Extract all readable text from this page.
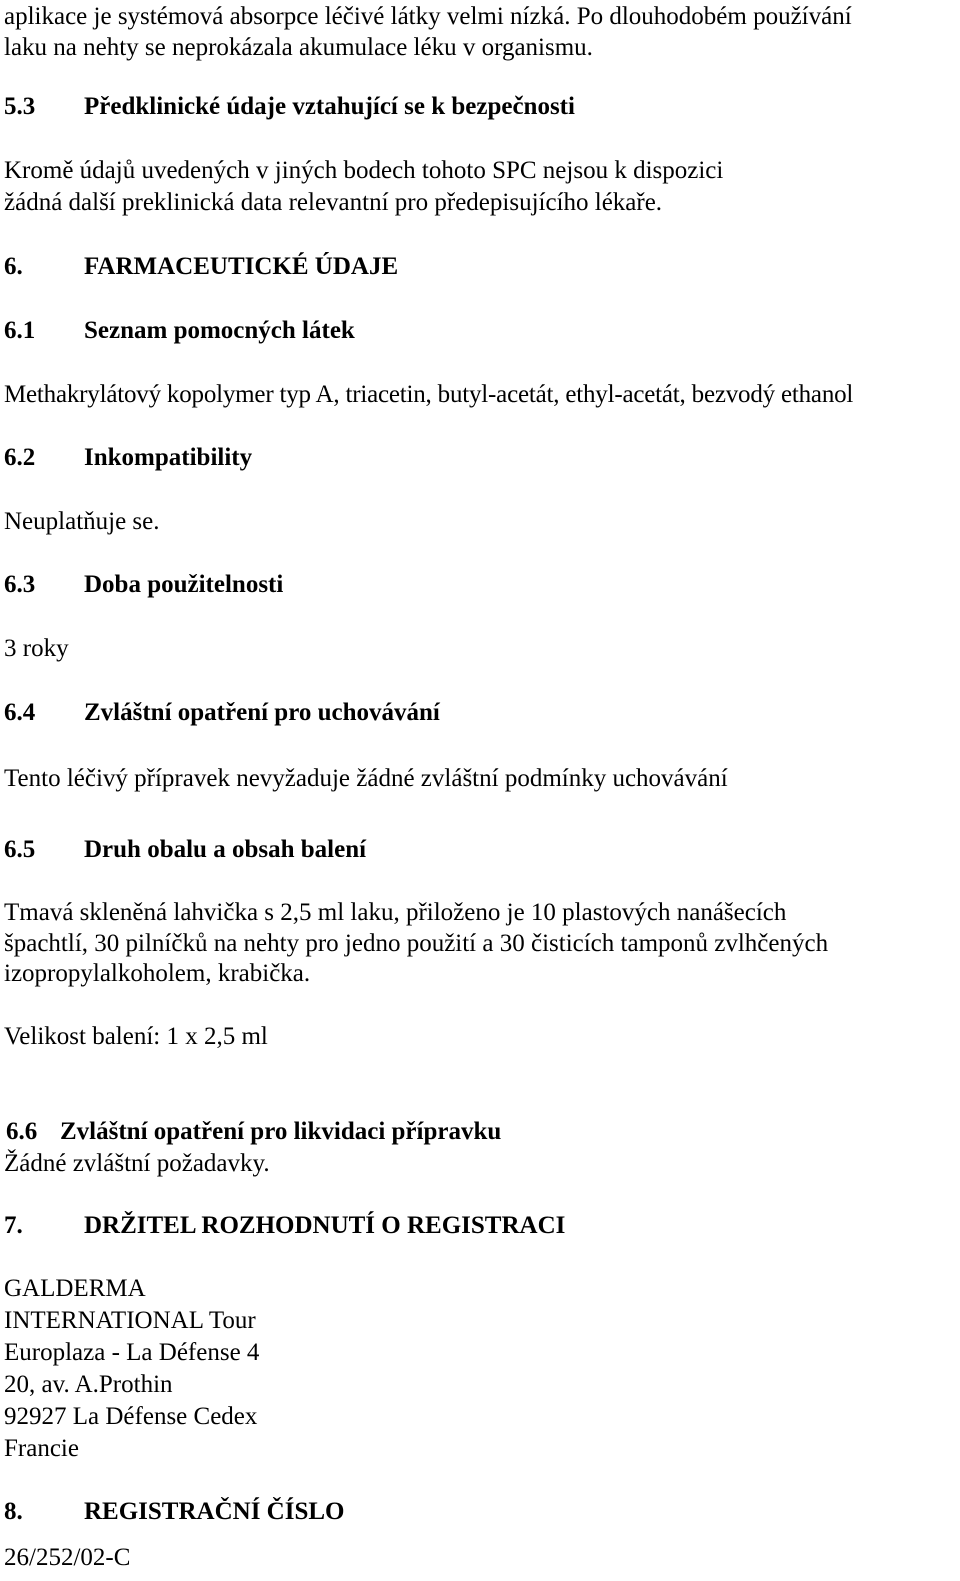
aplikace je systémová absorpce léčivé látky velmi nízká. Po dlouhodobém používání
laku na nehty se neprokázala akumulace léku v organismu.
5.3 Předklinické údaje vztahující se k bezpečnosti
Kromě údajů uvedených v jiných bodech tohoto SPC nejsou k dispozici
žádná další preklinická data relevantní pro předepisujícího lékaře.
6. FARMACEUTICKÉ ÚDAJE
6.1 Seznam pomocných látek
Methakrylátový kopolymer typ A, triacetin, butyl-acetát, ethyl-acetát, bezvodý ethanol
6.2 Inkompatibility
Neuplatňuje se.
6.3 Doba použitelnosti
3 roky
6.4 Zvláštní opatření pro uchovávání
Tento léčivý přípravek nevyžaduje žádné zvláštní podmínky uchovávání
6.5 Druh obalu a obsah balení
Tmavá skleněná lahvička s 2,5 ml laku, přiloženo je 10 plastových nanášecích
špachtlí, 30 pilníčků na nehty pro jedno použití a 30 čisticích tamponů zvlhčených
izopropylalkoholem, krabička.
Velikost balení: 1 x 2,5 ml
6.6 Zvláštní opatření pro likvidaci přípravku
Žádné zvláštní požadavky.
7. DRŽITEL ROZHODNUTÍ O REGISTRACI
GALDERMA
INTERNATIONAL Tour
Europlaza - La Défense 4
20, av. A.Prothin
92927 La Défense Cedex
Francie
8. REGISTRAČNÍ ČÍSLO
26/252/02-C
